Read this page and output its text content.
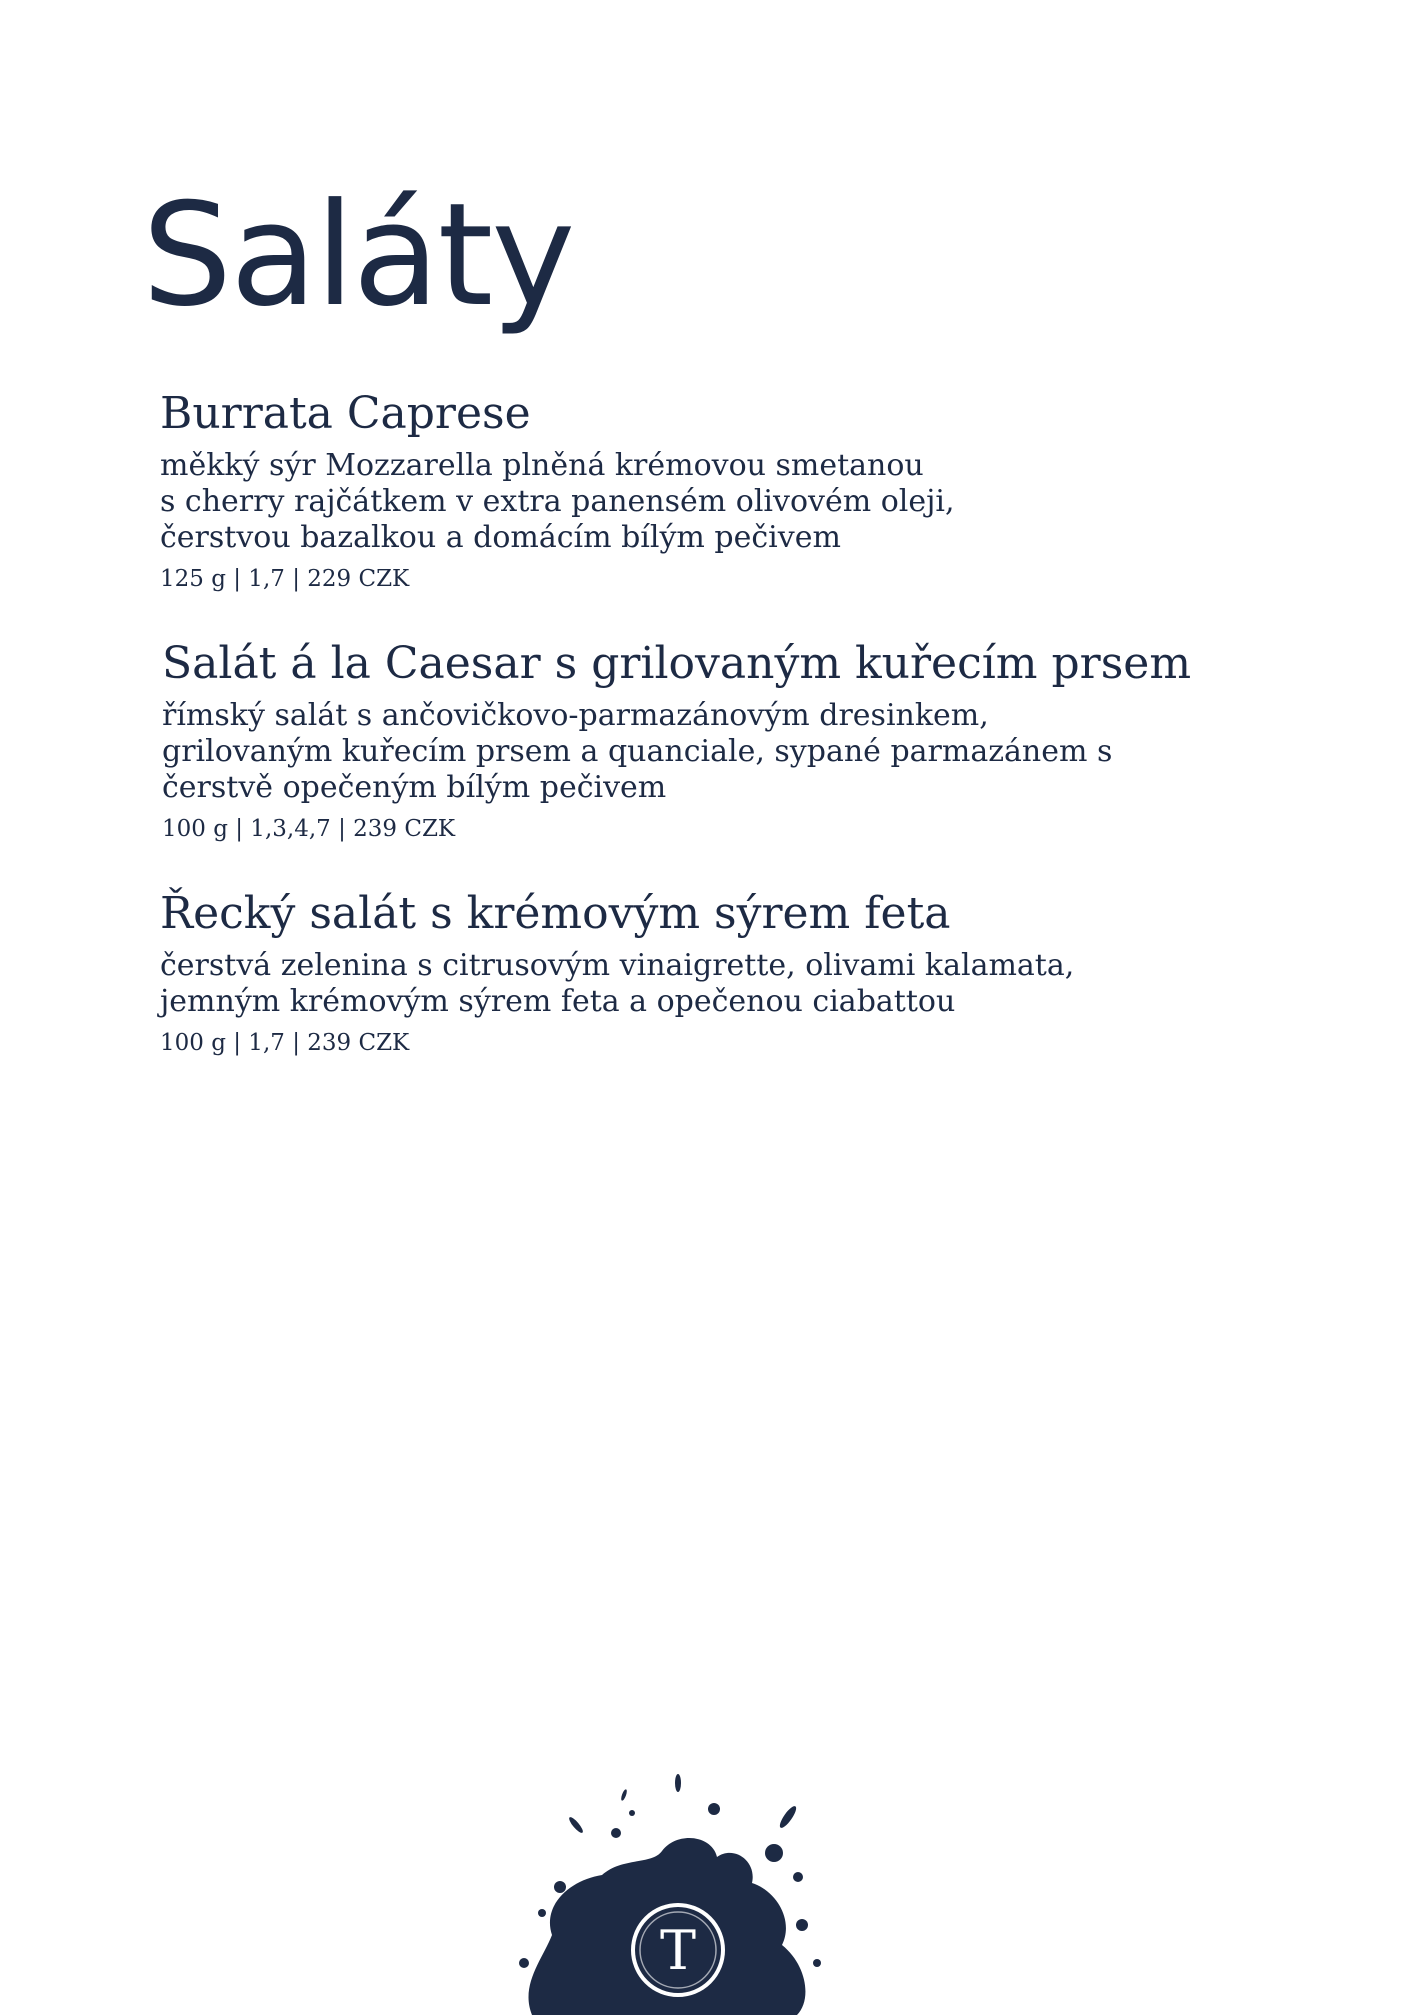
Saláty
Burrata Caprese

měkký sýr Mozzarella plněná krémovou smetanou
s cherry rajčátkem v extra panensém olivovém oleji,
čerstvou bazalkou a domácím bílým pečivem

125 g | 1,7 | 229 CZK

Salát á la Caesar s grilovaným kuřecím prsem

římský salát s ančovičkovo-parmazánovým dresinkem,
grilovaným kuřecím prsem a quanciale, sypané parmazánem s
čerstvě opečeným bílým pečivem

100 g | 1,3,4,7 | 239 CZK

Řecký salát s krémovým sýrem feta

čerstvá zelenina s citrusovým vinaigrette, olivami kalamata,
jemným krémovým sýrem feta a opečenou ciabattou

100 g | 1,7 | 239 CZK

T
